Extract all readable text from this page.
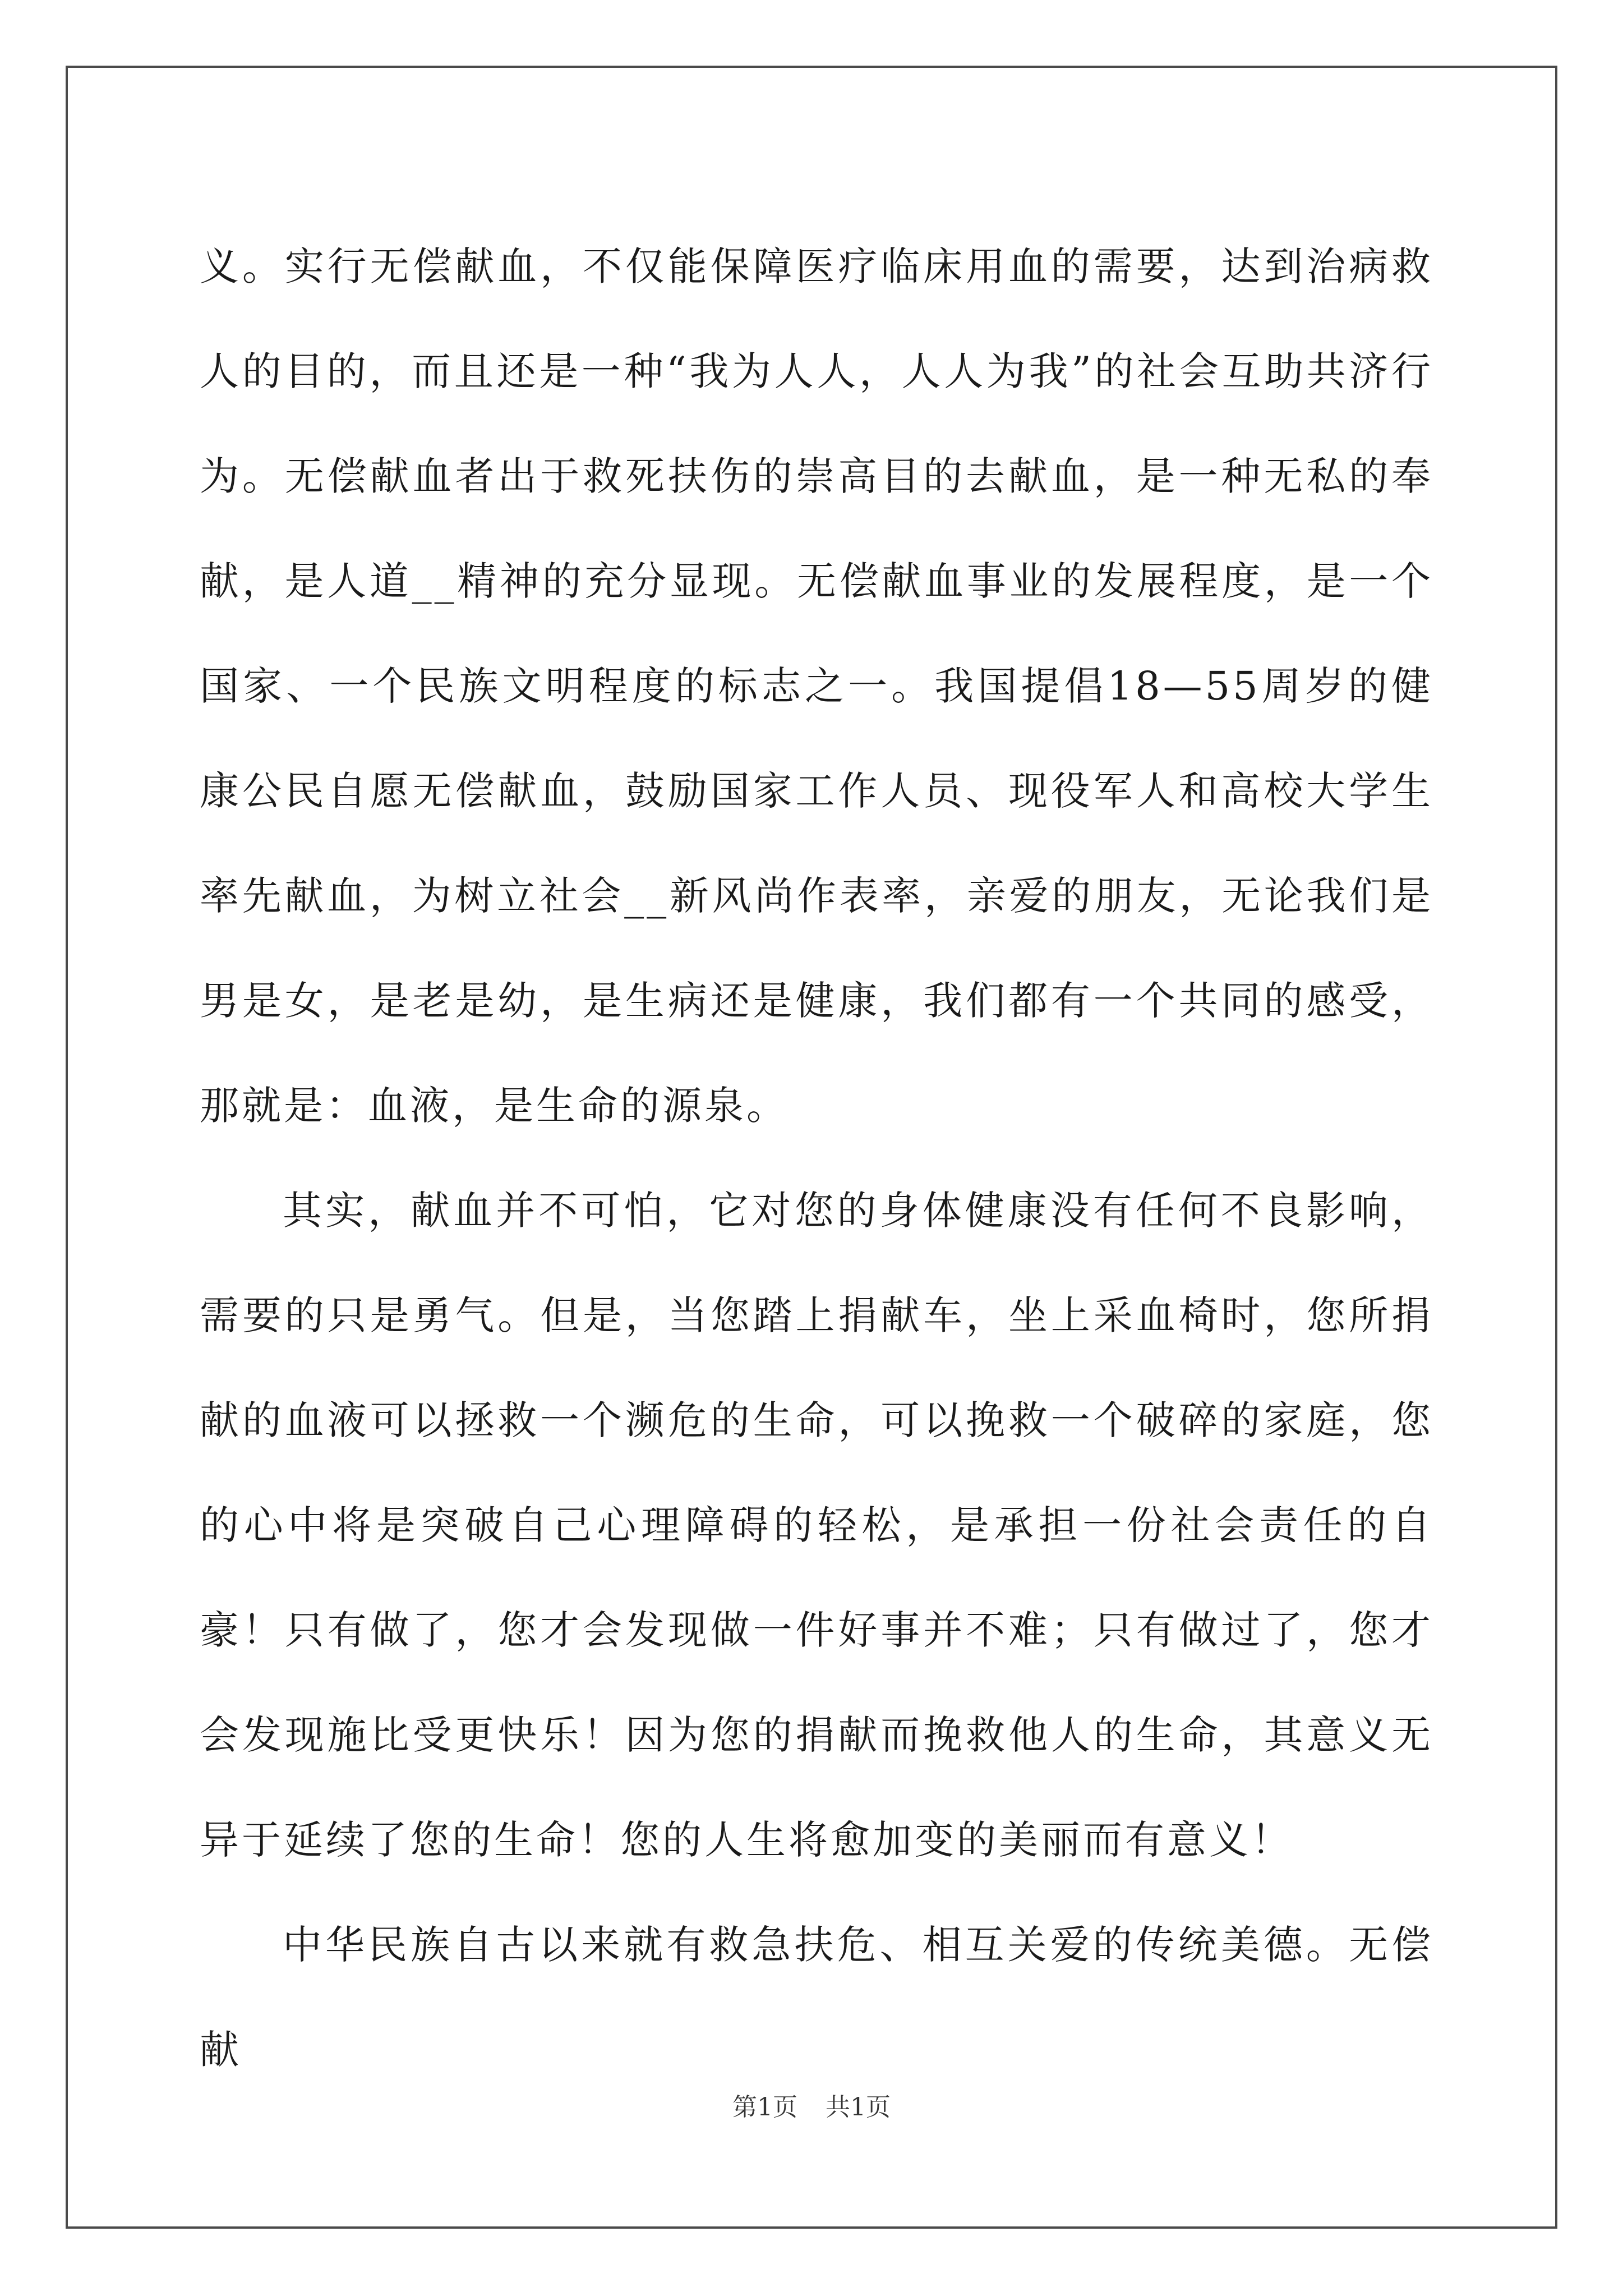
义。实行无偿献血，不仅能保障医疗临床用血的需要，达到治病救人的目的，而且还是一种“我为人人，人人为我”的社会互助共济行为。无偿献血者出于救死扶伤的崇高目的去献血，是一种无私的奉献，是人道__精神的充分显现。无偿献血事业的发展程度，是一个国家、一个民族文明程度的标志之一。我国提倡18—55周岁的健康公民自愿无偿献血，鼓励国家工作人员、现役军人和高校大学生率先献血，为树立社会__新风尚作表率，亲爱的朋友，无论我们是男是女，是老是幼，是生病还是健康，我们都有一个共同的感受，那就是：血液，是生命的源泉。

其实，献血并不可怕，它对您的身体健康没有任何不良影响，需要的只是勇气。但是，当您踏上捐献车，坐上采血椅时，您所捐献的血液可以拯救一个濒危的生命，可以挽救一个破碎的家庭，您的心中将是突破自己心理障碍的轻松，是承担一份社会责任的自豪！只有做了，您才会发现做一件好事并不难；只有做过了，您才会发现施比受更快乐！因为您的捐献而挽救他人的生命，其意义无异于延续了您的生命！您的人生将愈加变的美丽而有意义！

中华民族自古以来就有救急扶危、相互关爱的传统美德。无偿献

第1页 共1页
